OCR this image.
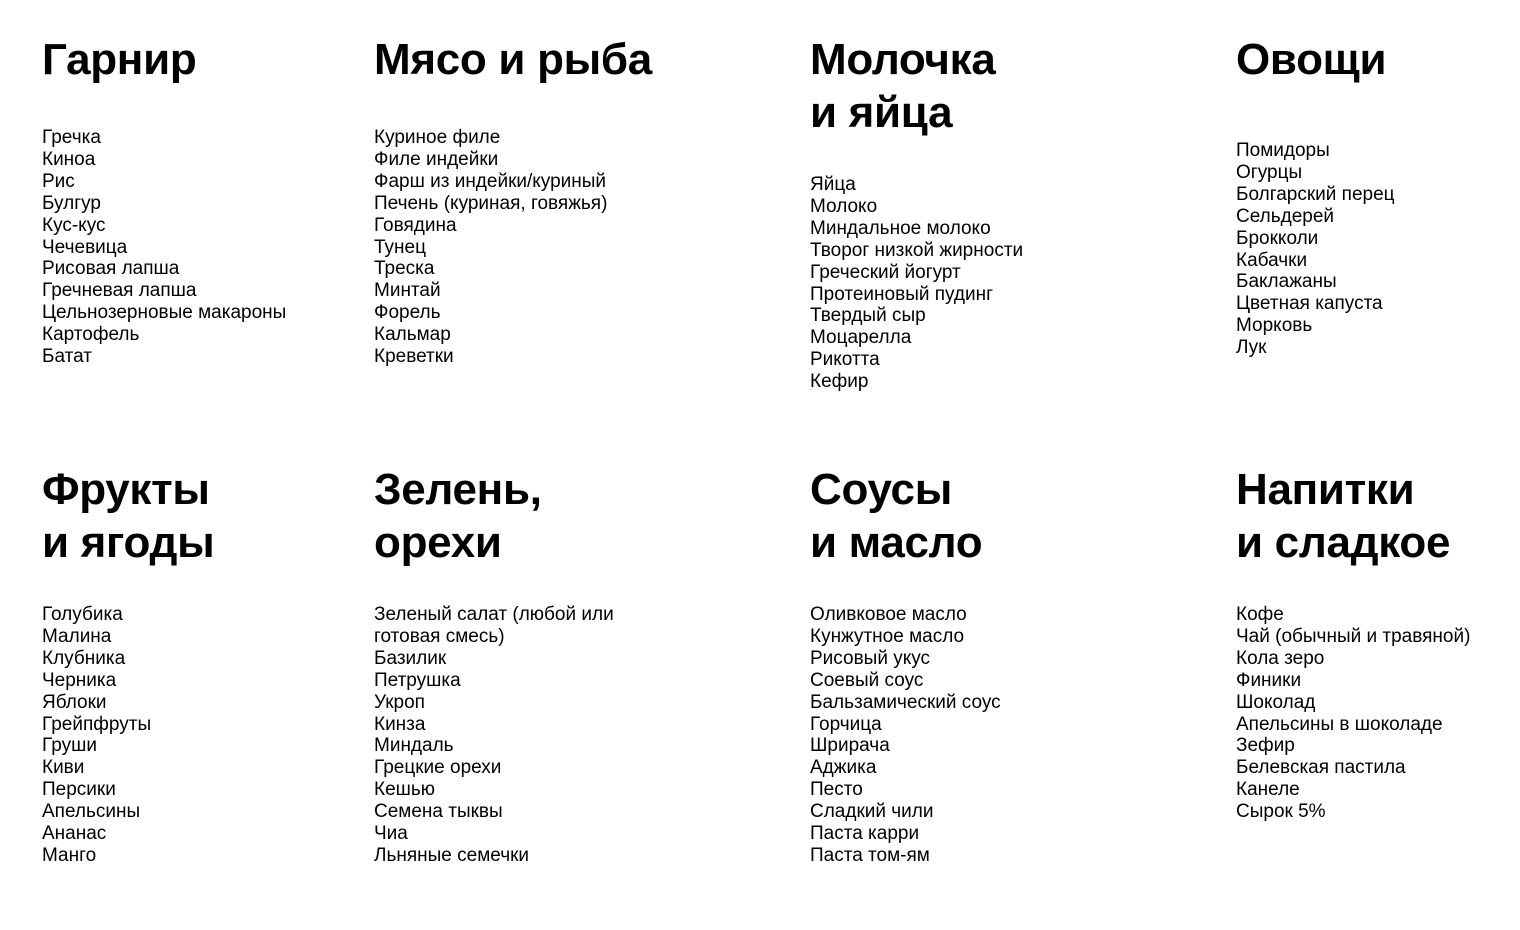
Гарнир
Гречка
Киноа
Рис
Булгур
Кус-кус
Чечевица
Рисовая лапша
Гречневая лапша
Цельнозерновые макароны
Картофель
Батат
Мясо и рыба
Куриное филе
Филе индейки
Фарш из индейки/куриный
Печень (куриная, говяжья)
Говядина
Тунец
Треска
Минтай
Форель
Кальмар
Креветки
Молочка
и яйца
Яйца
Молоко
Миндальное молоко
Творог низкой жирности
Греческий йогурт
Протеиновый пудинг
Твердый сыр
Моцарелла
Рикотта
Кефир
Овощи
Помидоры
Огурцы
Болгарский перец
Сельдерей
Брокколи
Кабачки
Баклажаны
Цветная капуста
Морковь
Лук
Фрукты
и ягоды
Голубика
Малина
Клубника
Черника
Яблоки
Грейпфруты
Груши
Киви
Персики
Апельсины
Ананас
Манго
Зелень,
орехи
Зеленый салат (любой или готовая смесь)
Базилик
Петрушка
Укроп
Кинза
Миндаль
Грецкие орехи
Кешью
Семена тыквы
Чиа
Льняные семечки
Соусы
и масло
Оливковое масло
Кунжутное масло
Рисовый укус
Соевый соус
Бальзамический соус
Горчица
Шрирача
Аджика
Песто
Сладкий чили
Паста карри
Паста том-ям
Напитки
и сладкое
Кофе
Чай (обычный и травяной)
Кола зеро
Финики
Шоколад
Апельсины в шоколаде
Зефир
Белевская пастила
Канеле
Сырок 5%
